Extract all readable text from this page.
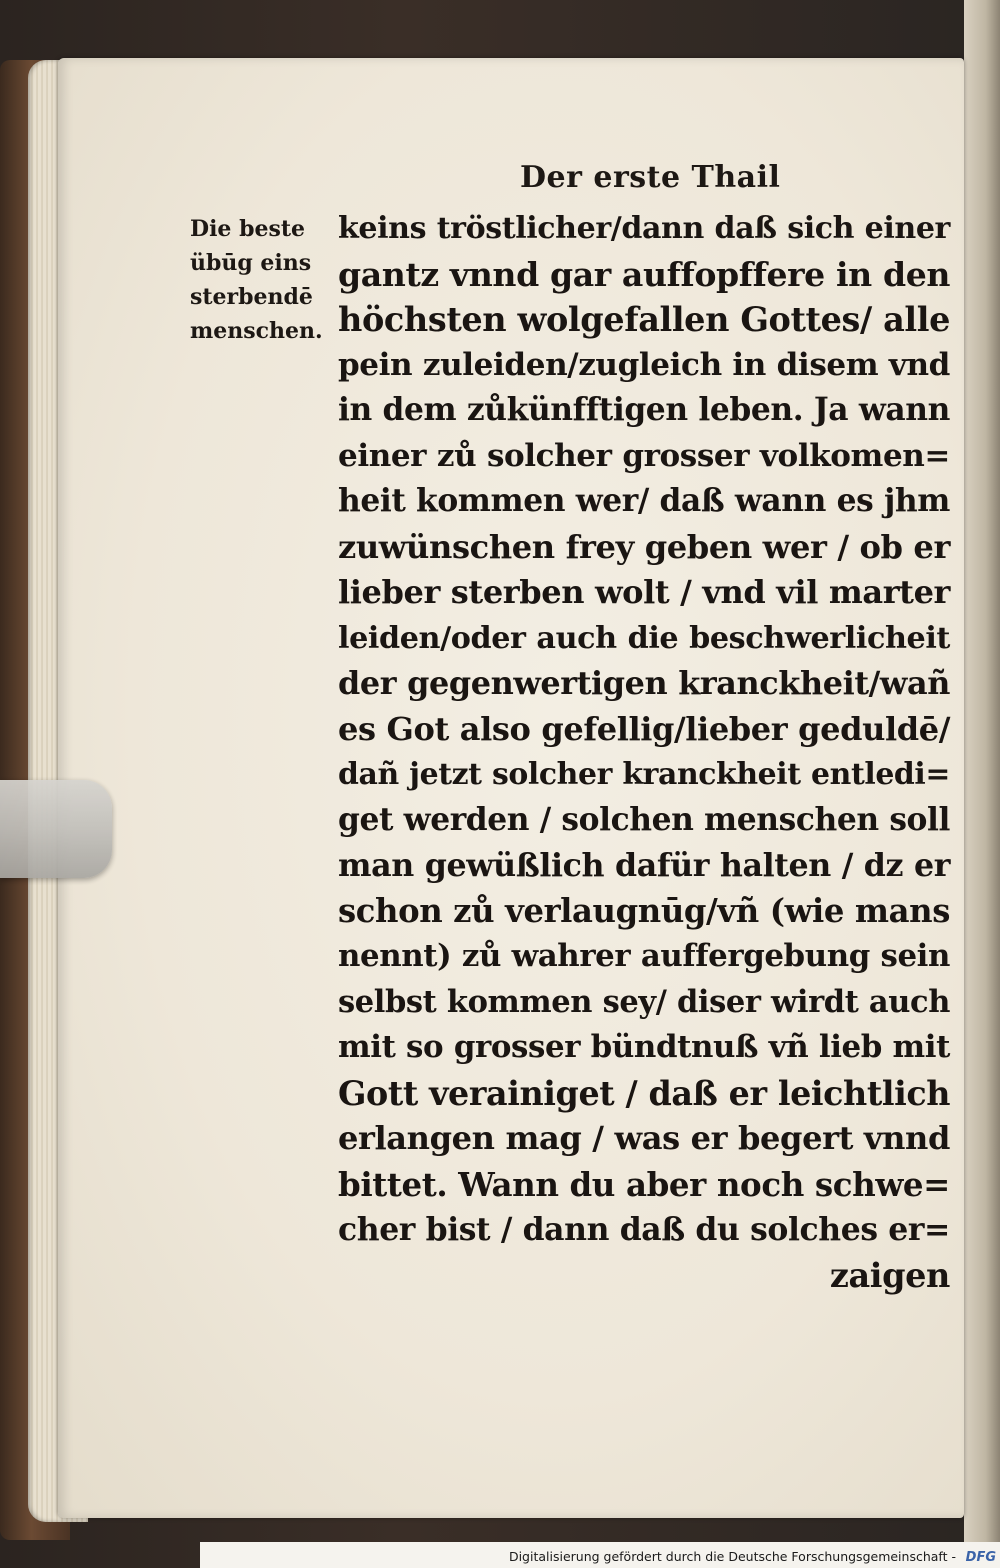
Der erste Thail
Die beste
übūg eins
sterbendē
menschen.
keins tröstlicher/dann daß sich einer
gantz vnnd gar auffopffere in den
höchsten wolgefallen Gottes/ alle
pein zuleiden/zugleich in disem vnd
in dem zůkünfftigen leben. Ja wann
einer zů solcher grosser volkomen=
heit kommen wer/ daß wann es jhm
zuwünschen frey geben wer / ob er
lieber sterben wolt / vnd vil marter
leiden/oder auch die beschwerlicheit
der gegenwertigen kranckheit/wañ
es Got also gefellig/lieber geduldē/
dañ jetzt solcher kranckheit entledi=
get werden / solchen menschen soll
man gewüßlich dafür halten / dz er
schon zů verlaugnūg/vñ (wie mans
nennt) zů wahrer auffergebung sein
selbst kommen sey/ diser wirdt auch
mit so grosser bündtnuß vñ lieb mit
Gott verainiget / daß er leichtlich
erlangen mag / was er begert vnnd
bittet. Wann du aber noch schwe=
cher bist / dann daß du solches er=
zaigen
Digitalisierung gefördert durch die Deutsche Forschungsgemeinschaft - DFG
